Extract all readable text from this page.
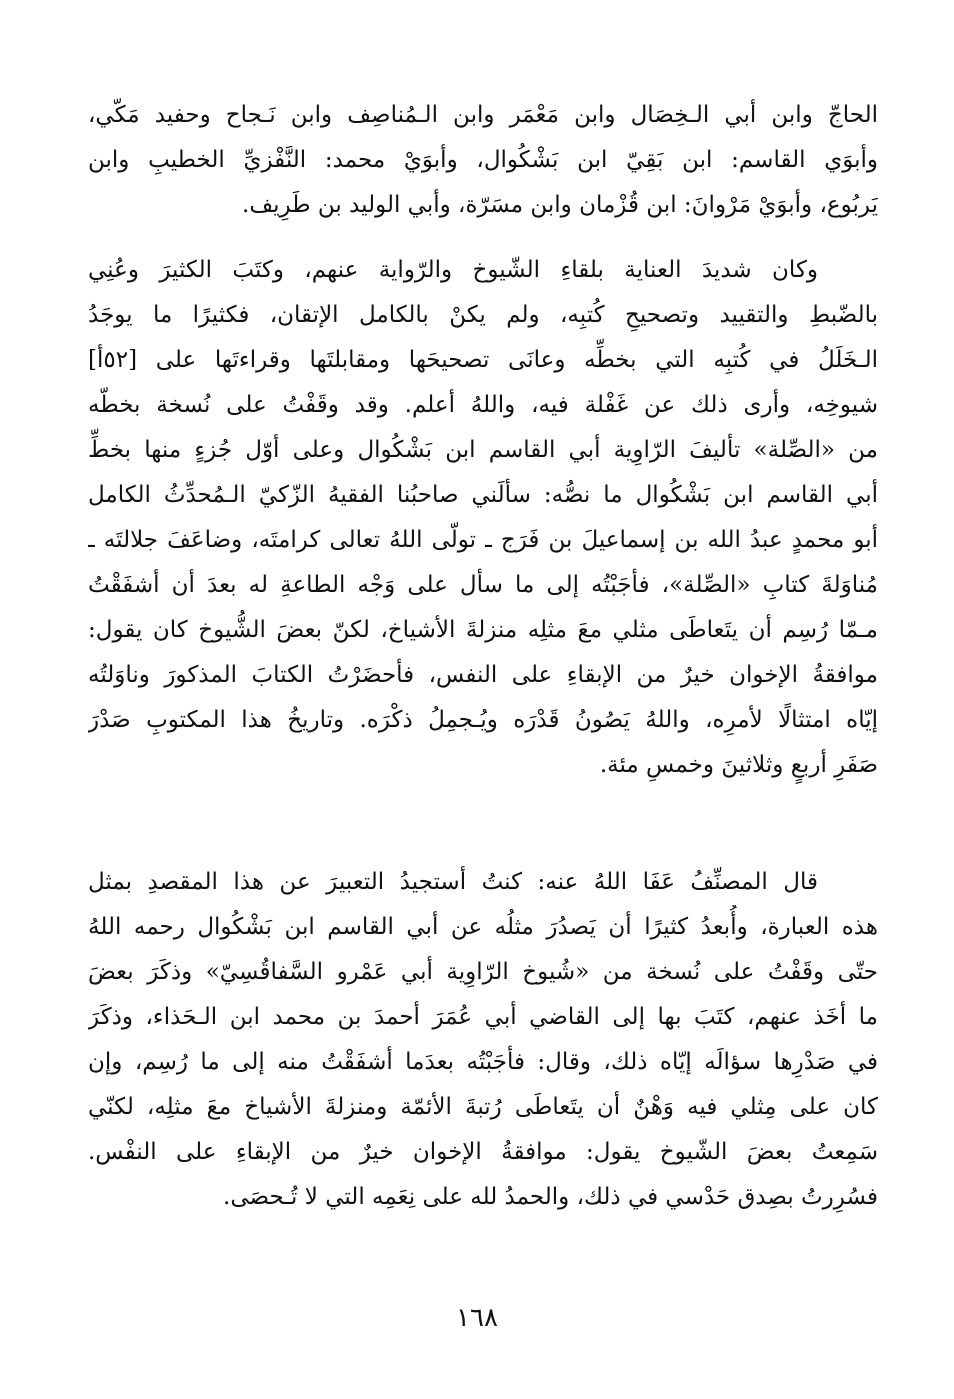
الحاجّ وابن أبي الـخِصَال وابن مَعْمَر وابن الـمُناصِف وابن نَـجاح وحفيد مَكّي،
وأبوَي القاسم: ابن بَقِيّ ابن بَشْكُوال، وأبوَيْ محمد: النَّفْزيِّ الخطيبِ وابن
يَربُوع، وأبوَيْ مَرْوانَ: ابن قُزْمان وابن مسَرّة، وأبي الوليد بن طَرِيف.
وكان شديدَ العناية بلقاءِ الشّيوخ والرّواية عنهم، وكتَبَ الكثيرَ وعُنِي
بالضّبطِ والتقييد وتصحيحِ كُتبِه، ولم يكنْ بالكامل الإتقان، فكثيرًا ما يوجَدُ
الـخَلَلُ في كُتبِه التي بخطِّه وعانَى تصحيحَها ومقابلتَها وقراءتَها على [٥٢أ]
شيوخِه، وأرى ذلك عن غَفْلة فيه، واللهُ أعلم. وقد وقَفْتُ على نُسخة بخطّه
من «الصِّلة» تأليفَ الرّاوِية أبي القاسم ابن بَشْكُوال وعلى أوّل جُزءٍ منها بخطِّ
أبي القاسم ابن بَشْكُوال ما نصُّه: سألَني صاحبُنا الفقيهُ الزّكيّ الـمُحدِّثُ الكامل
أبو محمدٍ عبدُ الله بن إسماعيلَ بن فَرَج ـ تولّى اللهُ تعالى كرامتَه، وضاعَفَ جلالتَه ـ
مُناوَلةَ كتابِ «الصِّلة»، فأجَبْتُه إلى ما سأل على وَجْه الطاعةِ له بعدَ أن أشفَقْتُ
مـمّا رُسِم أن يتَعاطَى مثلي معَ مثلِه منزلةَ الأشياخ، لكنّ بعضَ الشُّيوخ كان يقول:
موافقةُ الإخوان خيرٌ من الإبقاءِ على النفس، فأحضَرْتُ الكتابَ المذكورَ وناوَلتُه
إيّاه امتثالًا لأمرِه، واللهُ يَصُونُ قَدْرَه ويُـجمِلُ ذكْرَه. وتاريخُ هذا المكتوبِ صَدْرَ
صَفَرِ أربعٍ وثلاثينَ وخمسِ مئة.
قال المصنِّفُ عَفَا اللهُ عنه: كنتُ أستجيدُ التعبيرَ عن هذا المقصدِ بمثل
هذه العبارة، وأُبعدُ كثيرًا أن يَصدُرَ مثلُه عن أبي القاسم ابن بَشْكُوال رحمه اللهُ
حتّى وقَفْتُ على نُسخة من «شُيوخ الرّاوِية أبي عَمْرو السَّفاقُسِيّ» وذكَرَ بعضَ
ما أخَذ عنهم، كتَبَ بها إلى القاضي أبي عُمَرَ أحمدَ بن محمد ابن الـحَذاء، وذكَرَ
في صَدْرِها سؤالَه إيّاه ذلك، وقال: فأجَبْتُه بعدَما أشفَقْتُ منه إلى ما رُسِم، وإن
كان على مِثلي فيه وَهْنٌ أن يتَعاطَى رُتبةَ الأئمّة ومنزلةَ الأشياخ معَ مثلِه، لكنّي
سَمِعتُ بعضَ الشّيوخ يقول: موافقةُ الإخوان خيرٌ من الإبقاءِ على النفْس.
فسُرِرتُ بصِدق حَدْسي في ذلك، والحمدُ لله على نِعَمِه التي لا تُـحصَى.
١٦٨
